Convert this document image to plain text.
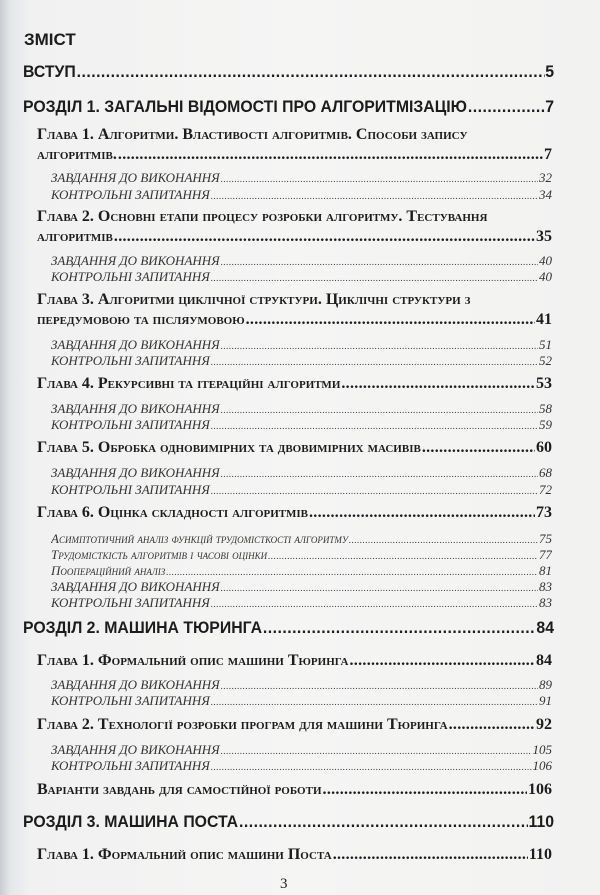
ЗМІСТ
ВСТУП .....	5
РОЗДІЛ 1. ЗАГАЛЬНІ ВІДОМОСТІ ПРО АЛГОРИТМІЗАЦІЮ .....	7
Глава 1. Алгоритми. Властивості алгоритмів. Способи запису
алгоритмів. .....	7
ЗАВДАННЯ ДО ВИКОНАННЯ .....	32
КОНТРОЛЬНІ ЗАПИТАННЯ .....	34
Глава 2. Основні етапи процесу розробки алгоритму. Тестування
алгоритмів .....	35
ЗАВДАННЯ ДО ВИКОНАННЯ .....	40
КОНТРОЛЬНІ ЗАПИТАННЯ .....	40
Глава 3. Алгоритми циклічної структури. Циклічні структури з
передумовою та післяумовою .....	41
ЗАВДАННЯ ДО ВИКОНАННЯ .....	51
КОНТРОЛЬНІ ЗАПИТАННЯ .....	52
Глава 4. Рекурсивні та ітераційні алгоритми .....	53
ЗАВДАННЯ ДО ВИКОНАННЯ .....	58
КОНТРОЛЬНІ ЗАПИТАННЯ .....	59
Глава 5. Обробка одновимірних та двовимірних масивів .....	60
ЗАВДАННЯ ДО ВИКОНАННЯ .....	68
КОНТРОЛЬНІ ЗАПИТАННЯ .....	72
Глава 6. Оцінка складності алгоритмів .....	73
Асимптотичний аналіз функцій трудомісткості алгоритму .....	75
Трудомісткість алгоритмів і часові оцінки .....	77
Поопераційний аналіз .....	81
ЗАВДАННЯ ДО ВИКОНАННЯ .....	83
КОНТРОЛЬНІ ЗАПИТАННЯ .....	83
РОЗДІЛ 2. МАШИНА ТЮРИНГА .....	84
Глава 1. Формальний опис машини Тюринга .....	84
ЗАВДАННЯ ДО ВИКОНАННЯ .....	89
КОНТРОЛЬНІ ЗАПИТАННЯ .....	91
Глава 2. Технології розробки програм для машини Тюринга .....	92
ЗАВДАННЯ ДО ВИКОНАННЯ .....	105
КОНТРОЛЬНІ ЗАПИТАННЯ .....	106
Варіанти завдань для самостійної роботи .....	106
РОЗДІЛ 3. МАШИНА ПОСТА .....	110
Глава 1. Формальний опис машини Поста .....	110
3
